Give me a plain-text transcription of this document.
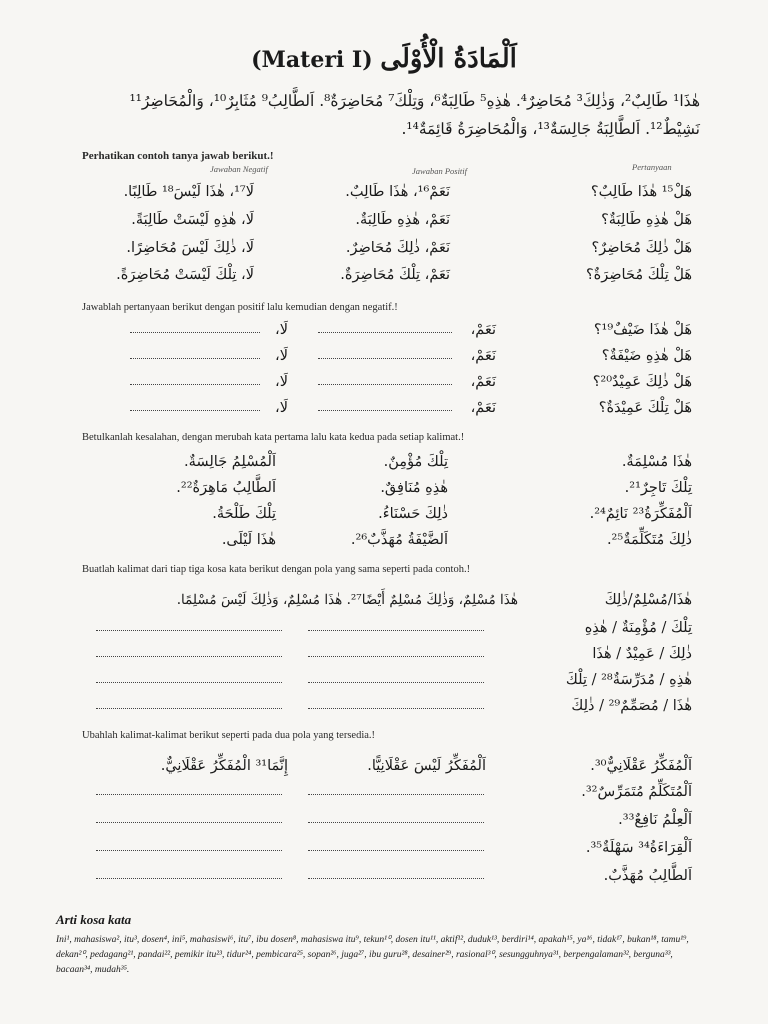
(Materi I) اَلْمَادَةُ الْأُوْلَى
هٰذَا¹ طَالِبٌ²، وَذٰلِكَ³ مُحَاضِرٌ⁴. هٰذِهِ⁵ طَالِبَةٌ⁶، وَتِلْكَ⁷ مُحَاضِرَةٌ⁸. اَلطَّالِبُ⁹ مُثَابِرٌ¹⁰، وَالْمُحَاضِرُ¹¹
نَشِيْطٌ¹². اَلطَّالِبَةُ جَالِسَةٌ¹³، وَالْمُحَاضِرَةُ قَائِمَةٌ¹⁴.
Perhatikan contoh tanya jawab berikut.!
Jawaban Negatif	Jawaban Positif	Pertanyaan
هَلْ¹⁵ هٰذَا طَالِبٌ؟
نَعَمْ¹⁶، هٰذَا طَالِبٌ.
لَا¹⁷، هٰذَا لَيْسَ¹⁸ طَالِبًا.
هَلْ هٰذِهِ طَالِبَةٌ؟
نَعَمْ، هٰذِهِ طَالِبَةٌ.
لَا، هٰذِهِ لَيْسَتْ طَالِبَةً.
هَلْ ذٰلِكَ مُحَاضِرٌ؟
نَعَمْ، ذٰلِكَ مُحَاضِرٌ.
لَا، ذٰلِكَ لَيْسَ مُحَاضِرًا.
هَلْ تِلْكَ مُحَاضِرَةٌ؟
نَعَمْ، تِلْكَ مُحَاضِرَةٌ.
لَا، تِلْكَ لَيْسَتْ مُحَاضِرَةً.
Jawablah pertanyaan berikut dengan positif lalu kemudian dengan negatif.!
هَلْ هٰذَا ضَيْفٌ¹⁹؟
نَعَمْ،
لَا،
هَلْ هٰذِهِ ضَيْفَةٌ؟
نَعَمْ،
لَا،
هَلْ ذٰلِكَ عَمِيْدٌ²⁰؟
نَعَمْ،
لَا،
هَلْ تِلْكَ عَمِيْدَةٌ؟
نَعَمْ،
لَا،
Betulkanlah kesalahan, dengan merubah kata pertama lalu kata kedua pada setiap kalimat.!
هٰذَا مُسْلِمَةٌ.
تِلْكَ مُؤْمِنٌ.
اَلْمُسْلِمُ جَالِسَةٌ.
تِلْكَ تَاجِرٌ²¹.
هٰذِهِ مُنَافِقٌ.
اَلطَّالِبُ مَاهِرَةٌ²².
اَلْمُفَكِّرَةُ²³ نَائِمٌ²⁴.
ذٰلِكَ حَسْنَاءُ.
تِلْكَ طَلْحَةُ.
ذٰلِكَ مُتَكَلِّمَةٌ²⁵.
اَلضَّيْفَةُ مُهَذَّبٌ²⁶.
هٰذَا لَيْلَى.
Buatlah kalimat dari tiap tiga kosa kata berikut dengan pola yang sama seperti pada contoh.!
هٰذَا/مُسْلِمٌ/ذٰلِكَ
هٰذَا مُسْلِمٌ، وَذٰلِكَ مُسْلِمٌ أَيْضًا²⁷. هٰذَا مُسْلِمٌ، وَذٰلِكَ لَيْسَ مُسْلِمًا.
تِلْكَ / مُؤْمِنَةٌ / هٰذِهِ
ذٰلِكَ / عَمِيْدٌ / هٰذَا
هٰذِهِ / مُدَرِّسَةٌ²⁸ / تِلْكَ
هٰذَا / مُصَمِّمٌ²⁹ / ذٰلِكَ
Ubahlah kalimat-kalimat berikut seperti pada dua pola yang tersedia.!
اَلْمُفَكِّرُ عَقْلَانِيٌّ³⁰.
اَلْمُفَكِّرُ لَيْسَ عَقْلَانِيًّا.
إِنَّمَا³¹ الْمُفَكِّرُ عَقْلَانِيٌّ.
اَلْمُتَكَلِّمُ مُتَمَرِّسٌ³².
اَلْعِلْمُ نَافِعٌ³³.
اَلْقِرَاءَةُ³⁴ سَهْلَةٌ³⁵.
اَلطَّالِبُ مُهَذَّبٌ.
Arti kosa kata
Ini¹, mahasiswa², itu³, dosen⁴, ini⁵, mahasiswi⁶, itu⁷, ibu dosen⁸, mahasiswa itu⁹, tekun¹⁰, dosen itu¹¹, aktif¹², duduk¹³, berdiri¹⁴, apakah¹⁵, ya¹⁶, tidak¹⁷, bukan¹⁸, tamu¹⁹, dekan²⁰, pedagang²¹, pandai²², pemikir itu²³, tidur²⁴, pembicara²⁵, sopan²⁶, juga²⁷, ibu guru²⁸, desainer²⁹, rasional³⁰, sesungguhnya³¹, berpengalaman³², berguna³³, bacaan³⁴, mudah³⁵.
